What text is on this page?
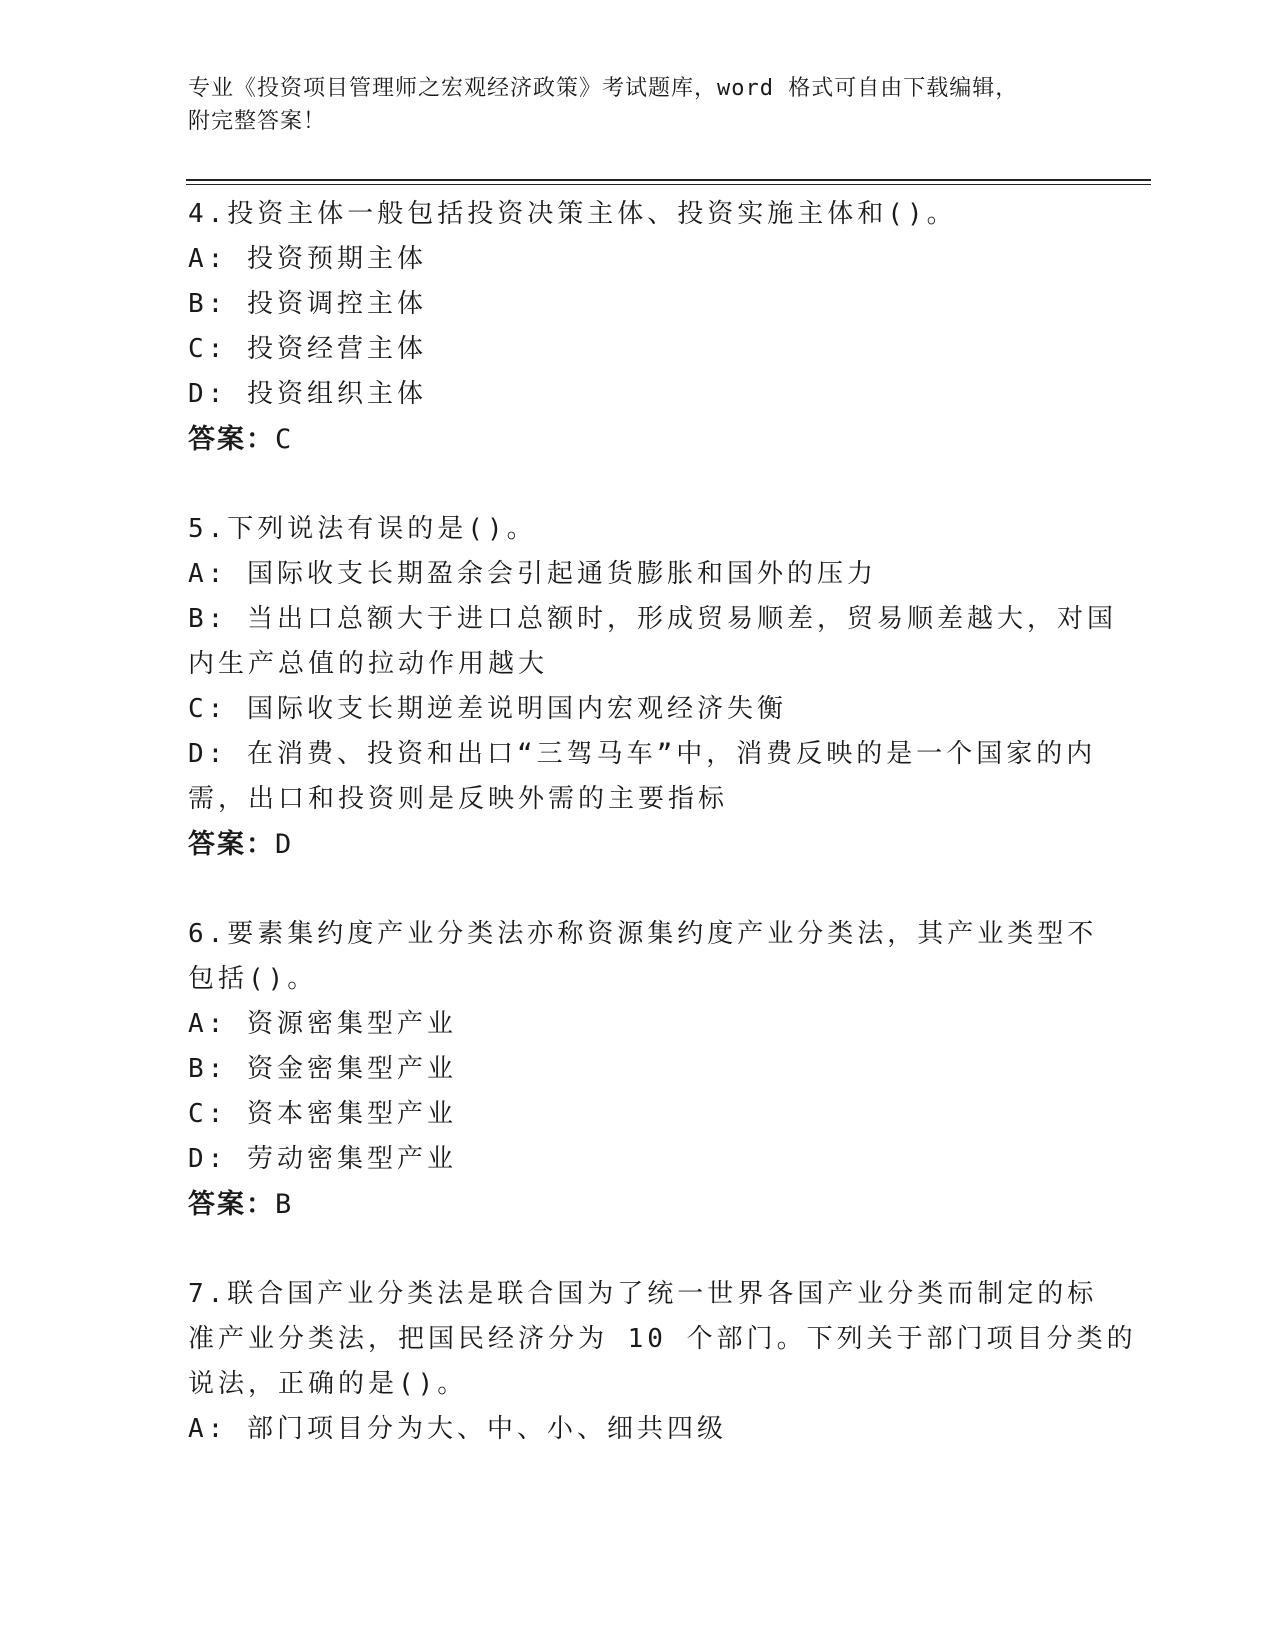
专业《投资项目管理师之宏观经济政策》考试题库，word 格式可自由下载编辑，
附完整答案！
4.投资主体一般包括投资决策主体、投资实施主体和()。
A: 投资预期主体
B: 投资调控主体
C: 投资经营主体
D: 投资组织主体
答案：C
5.下列说法有误的是()。
A: 国际收支长期盈余会引起通货膨胀和国外的压力
B: 当出口总额大于进口总额时，形成贸易顺差，贸易顺差越大，对国
内生产总值的拉动作用越大
C: 国际收支长期逆差说明国内宏观经济失衡
D: 在消费、投资和出口“三驾马车”中，消费反映的是一个国家的内
需，出口和投资则是反映外需的主要指标
答案：D
6.要素集约度产业分类法亦称资源集约度产业分类法，其产业类型不
包括()。
A: 资源密集型产业
B: 资金密集型产业
C: 资本密集型产业
D: 劳动密集型产业
答案：B
7.联合国产业分类法是联合国为了统一世界各国产业分类而制定的标
准产业分类法，把国民经济分为 10 个部门。下列关于部门项目分类的
说法，正确的是()。
A: 部门项目分为大、中、小、细共四级
